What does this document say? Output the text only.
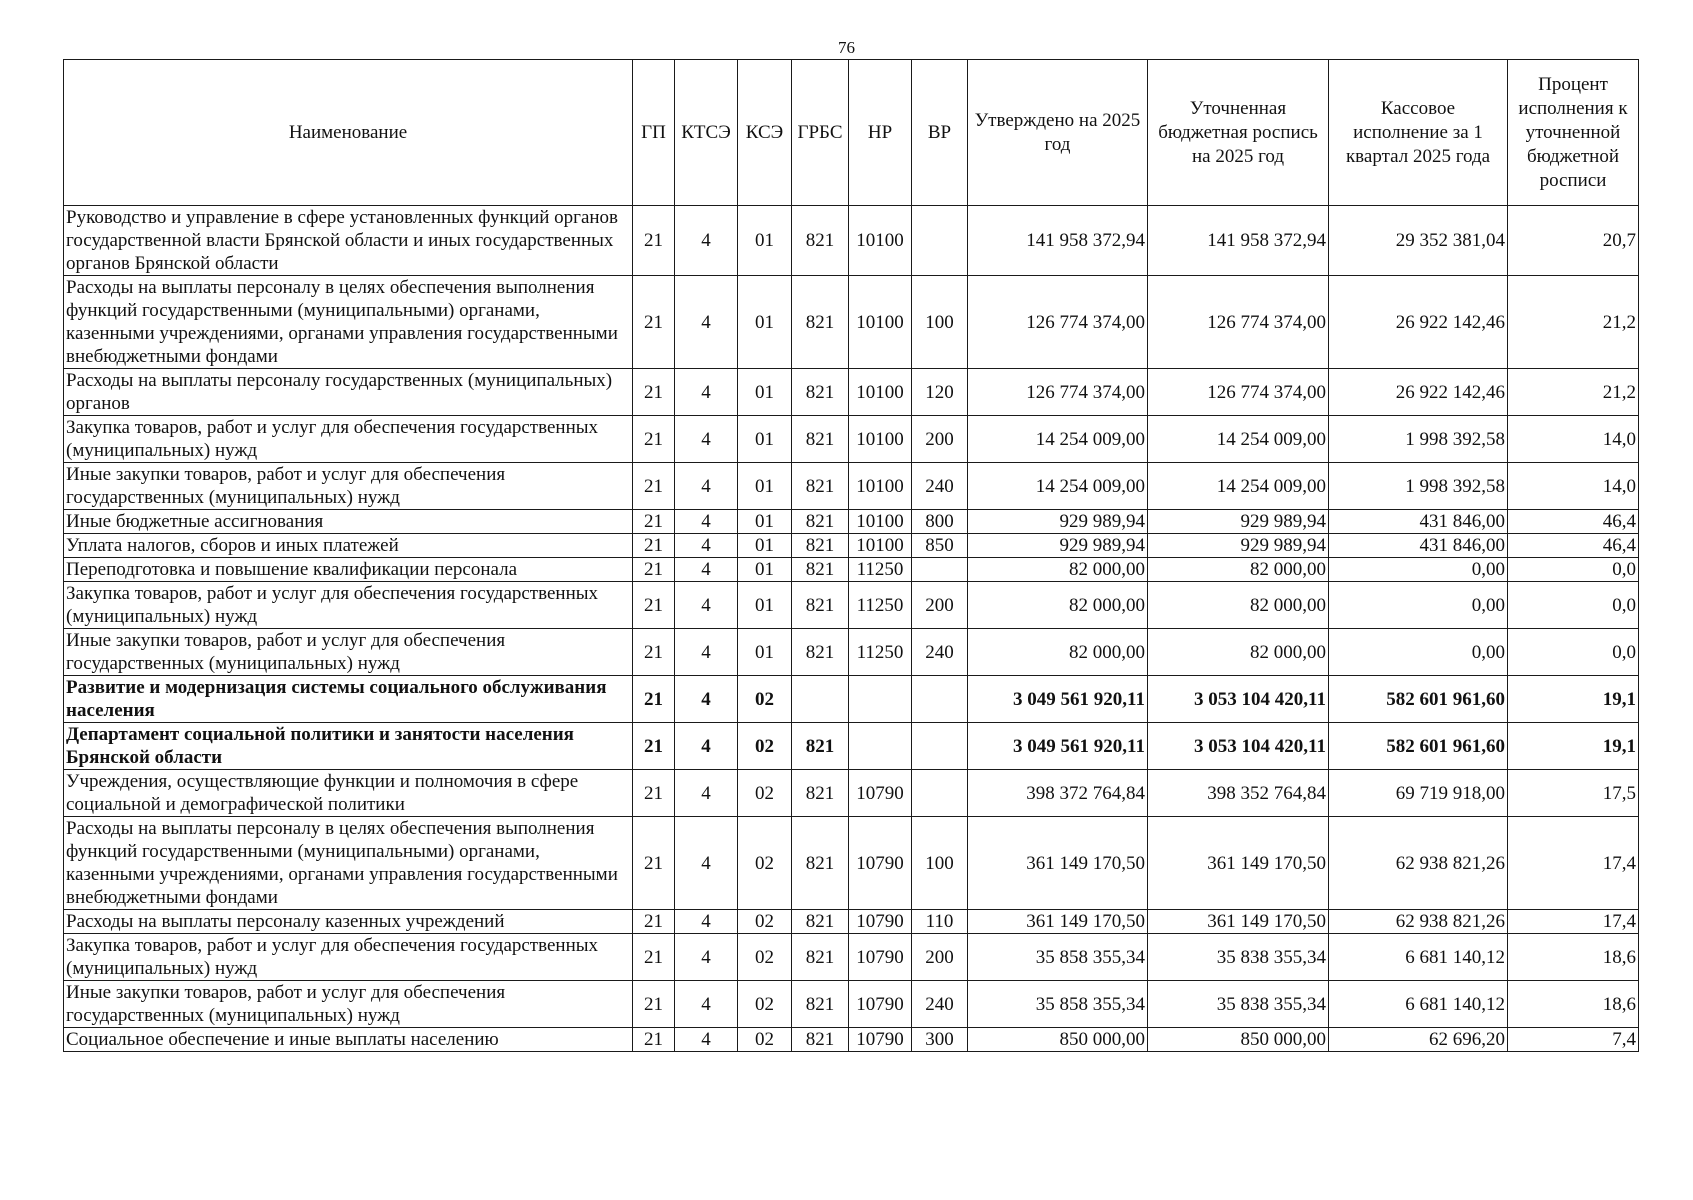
76
Наименование	ГП	КТСЭ	КСЭ	ГРБС	НР	ВР	Утверждено на 2025 год	Уточненная бюджетная роспись на 2025 год	Кассовое исполнение за 1 квартал 2025 года	Процент исполнения к уточненной бюджетной росписи
Руководство и управление в сфере установленных функций органов государственной власти Брянской области и иных государственных органов Брянской области	21	4	01	821	10100		141 958 372,94	141 958 372,94	29 352 381,04	20,7
Расходы на выплаты персоналу в целях обеспечения выполнения функций государственными (муниципальными) органами, казенными учреждениями, органами управления государственными внебюджетными фондами	21	4	01	821	10100	100	126 774 374,00	126 774 374,00	26 922 142,46	21,2
Расходы на выплаты персоналу государственных (муниципальных) органов	21	4	01	821	10100	120	126 774 374,00	126 774 374,00	26 922 142,46	21,2
Закупка товаров, работ и услуг для обеспечения государственных (муниципальных) нужд	21	4	01	821	10100	200	14 254 009,00	14 254 009,00	1 998 392,58	14,0
Иные закупки товаров, работ и услуг для обеспечения государственных (муниципальных) нужд	21	4	01	821	10100	240	14 254 009,00	14 254 009,00	1 998 392,58	14,0
Иные бюджетные ассигнования	21	4	01	821	10100	800	929 989,94	929 989,94	431 846,00	46,4
Уплата налогов, сборов и иных платежей	21	4	01	821	10100	850	929 989,94	929 989,94	431 846,00	46,4
Переподготовка и повышение квалификации персонала	21	4	01	821	11250		82 000,00	82 000,00	0,00	0,0
Закупка товаров, работ и услуг для обеспечения государственных (муниципальных) нужд	21	4	01	821	11250	200	82 000,00	82 000,00	0,00	0,0
Иные закупки товаров, работ и услуг для обеспечения государственных (муниципальных) нужд	21	4	01	821	11250	240	82 000,00	82 000,00	0,00	0,0
Развитие и модернизация системы социального обслуживания населения	21	4	02				3 049 561 920,11	3 053 104 420,11	582 601 961,60	19,1
Департамент социальной политики и занятости населения Брянской области	21	4	02	821			3 049 561 920,11	3 053 104 420,11	582 601 961,60	19,1
Учреждения, осуществляющие функции и полномочия в сфере социальной и демографической политики	21	4	02	821	10790		398 372 764,84	398 352 764,84	69 719 918,00	17,5
Расходы на выплаты персоналу в целях обеспечения выполнения функций государственными (муниципальными) органами, казенными учреждениями, органами управления государственными внебюджетными фондами	21	4	02	821	10790	100	361 149 170,50	361 149 170,50	62 938 821,26	17,4
Расходы на выплаты персоналу казенных учреждений	21	4	02	821	10790	110	361 149 170,50	361 149 170,50	62 938 821,26	17,4
Закупка товаров, работ и услуг для обеспечения государственных (муниципальных) нужд	21	4	02	821	10790	200	35 858 355,34	35 838 355,34	6 681 140,12	18,6
Иные закупки товаров, работ и услуг для обеспечения государственных (муниципальных) нужд	21	4	02	821	10790	240	35 858 355,34	35 838 355,34	6 681 140,12	18,6
Социальное обеспечение и иные выплаты населению	21	4	02	821	10790	300	850 000,00	850 000,00	62 696,20	7,4
